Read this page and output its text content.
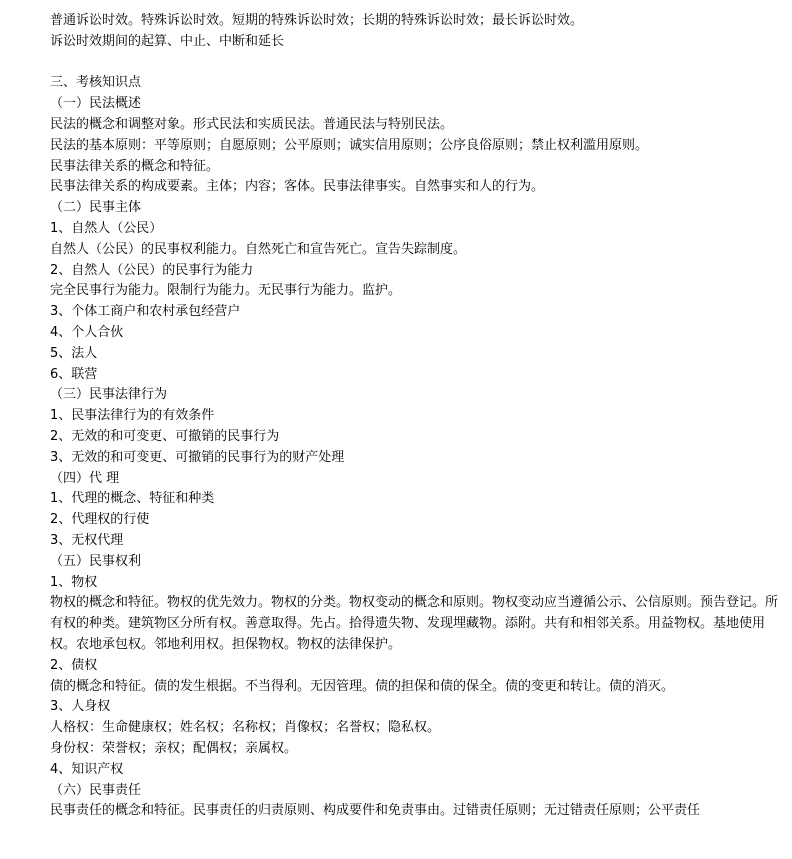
普通诉讼时效。特殊诉讼时效。短期的特殊诉讼时效；长期的特殊诉讼时效；最长诉讼时效。
诉讼时效期间的起算、中止、中断和延长
三、考核知识点
（一）民法概述
民法的概念和调整对象。形式民法和实质民法。普通民法与特别民法。
民法的基本原则：平等原则；自愿原则；公平原则；诚实信用原则；公序良俗原则；禁止权利滥用原则。
民事法律关系的概念和特征。
民事法律关系的构成要素。主体；内容；客体。民事法律事实。自然事实和人的行为。
（二）民事主体
1、自然人（公民）
自然人（公民）的民事权利能力。自然死亡和宣告死亡。宣告失踪制度。
2、自然人（公民）的民事行为能力
完全民事行为能力。限制行为能力。无民事行为能力。监护。
3、个体工商户和农村承包经营户
4、个人合伙
5、法人
6、联营
（三）民事法律行为
1、民事法律行为的有效条件
2、无效的和可变更、可撤销的民事行为
3、无效的和可变更、可撤销的民事行为的财产处理
（四）代 理
1、代理的概念、特征和种类
2、代理权的行使
3、无权代理
（五）民事权利
1、物权
物权的概念和特征。物权的优先效力。物权的分类。物权变动的概念和原则。物权变动应当遵循公示、公信原则。预告登记。所有权的种类。建筑物区分所有权。善意取得。先占。拾得遗失物、发现埋藏物。添附。共有和相邻关系。用益物权。基地使用权。农地承包权。邻地利用权。担保物权。物权的法律保护。
2、债权
债的概念和特征。债的发生根据。不当得利。无因管理。债的担保和债的保全。债的变更和转让。债的消灭。
3、人身权
人格权：生命健康权；姓名权；名称权；肖像权；名誉权；隐私权。
身份权：荣誉权；亲权；配偶权；亲属权。
4、知识产权
（六）民事责任
民事责任的概念和特征。民事责任的归责原则、构成要件和免责事由。过错责任原则；无过错责任原则；公平责任
